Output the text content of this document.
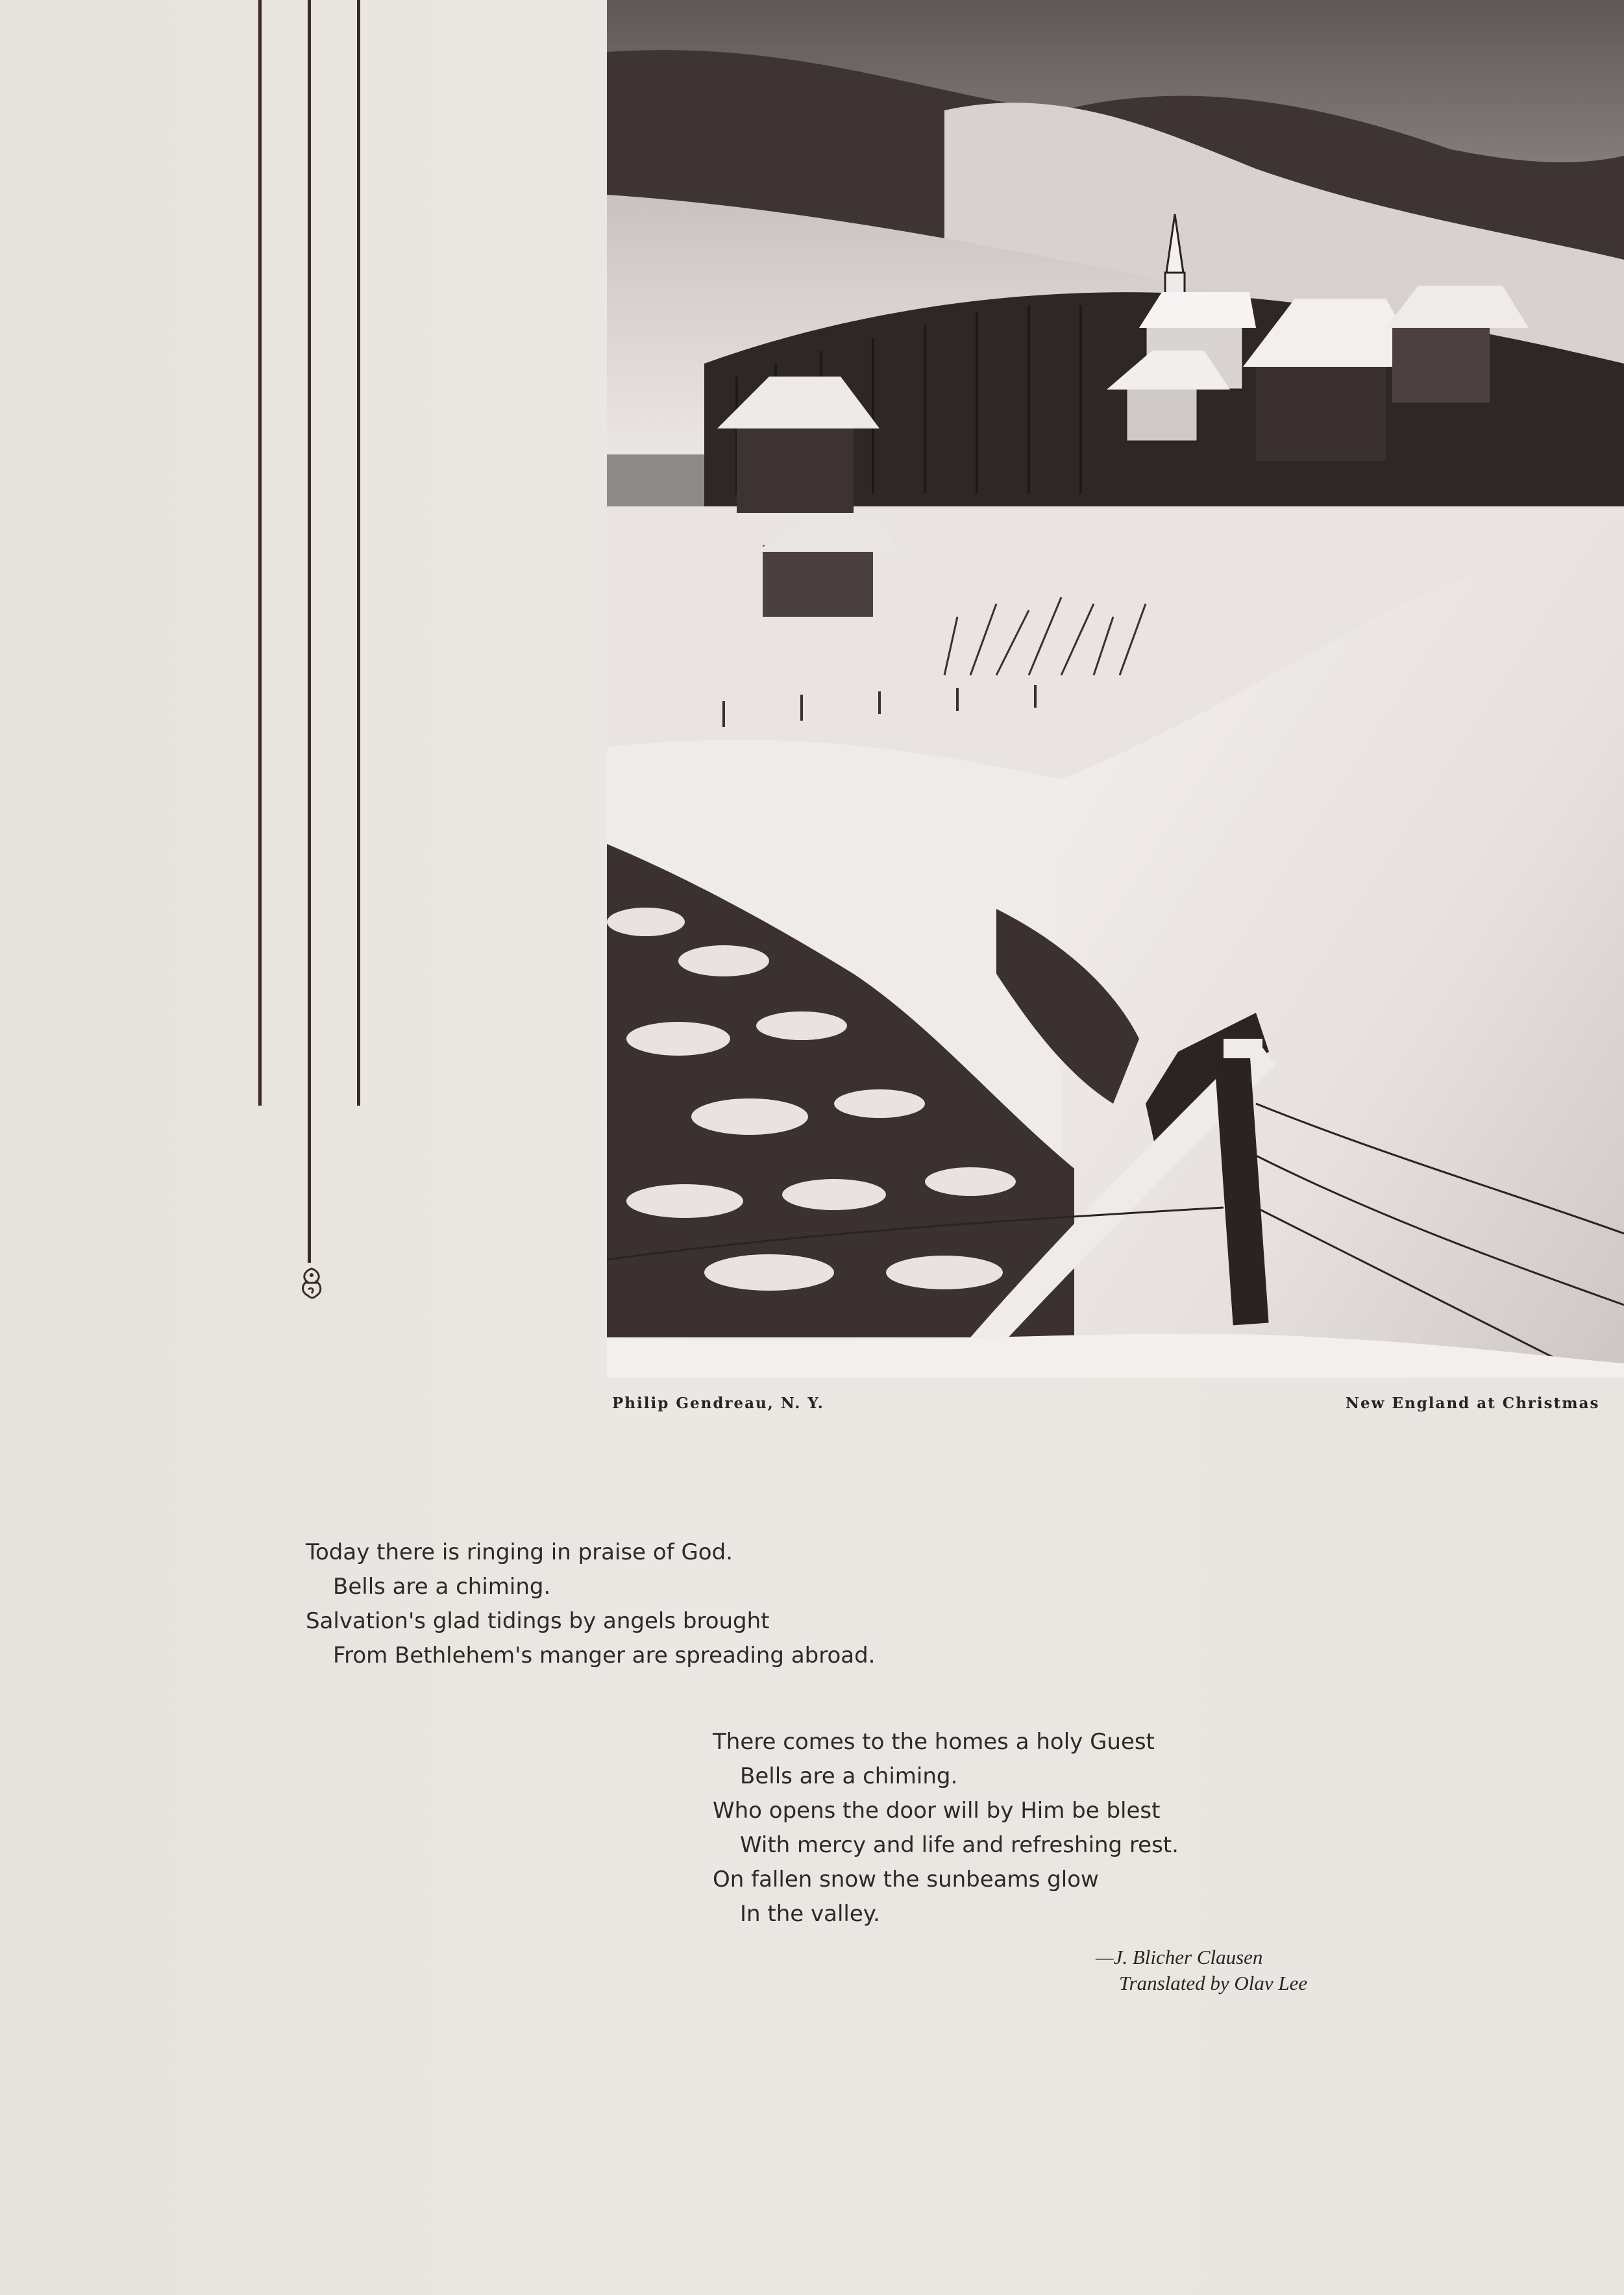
Philip Gendreau, N. Y.	New England at Christmas
Today there is ringing in praise of God.
Bells are a chiming.
Salvation's glad tidings by angels brought
From Bethlehem's manger are spreading abroad.
There comes to the homes a holy Guest
Bells are a chiming.
Who opens the door will by Him be blest
With mercy and life and refreshing rest.
On fallen snow the sunbeams glow
In the valley.
—J. Blicher Clausen
Translated by Olav Lee
